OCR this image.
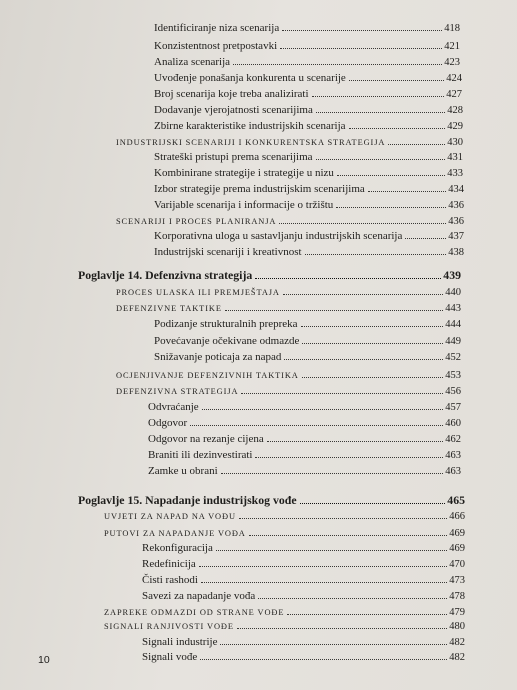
Identificiranje niza scenarija	418
Konzistentnost pretpostavki	421
Analiza scenarija	423
Uvođenje ponašanja konkurenta u scenarije	424
Broj scenarija koje treba analizirati	427
Dodavanje vjerojatnosti scenarijima	428
Zbirne karakteristike industrijskih scenarija	429
INDUSTRIJSKI SCENARIJI I KONKURENTSKA STRATEGIJA	430
Strateški pristupi prema scenarijima	431
Kombinirane strategije i strategije u nizu	433
Izbor strategije prema industrijskim scenarijima	434
Varijable scenarija i informacije o tržištu	436
SCENARIJI I PROCES PLANIRANJA	436
Korporativna uloga u sastavljanju industrijskih scenarija	437
Industrijski scenariji i kreativnost	438
Poglavlje 14. Defenzivna strategija	439
PROCES ULASKA ILI PREMJEŠTAJA	440
DEFENZIVNE TAKTIKE	443
Podizanje strukturalnih prepreka	444
Povećavanje očekivane odmazde	449
Snižavanje poticaja za napad	452
OCJENJIVANJE DEFENZIVNIH TAKTIKA	453
DEFENZIVNA STRATEGIJA	456
Odvraćanje	457
Odgovor	460
Odgovor na rezanje cijena	462
Braniti ili dezinvestirati	463
Zamke u obrani	463
Poglavlje 15. Napadanje industrijskog vođe	465
UVJETI ZA NAPAD NA VOĐU	466
PUTOVI ZA NAPADANJE VOĐA	469
Rekonfiguracija	469
Redefinicija	470
Čisti rashodi	473
Savezi za napadanje vođa	478
ZAPREKE ODMAZDI OD STRANE VOĐE	479
SIGNALI RANJIVOSTI VOĐE	480
Signali industrije	482
Signali vođe	482
10
